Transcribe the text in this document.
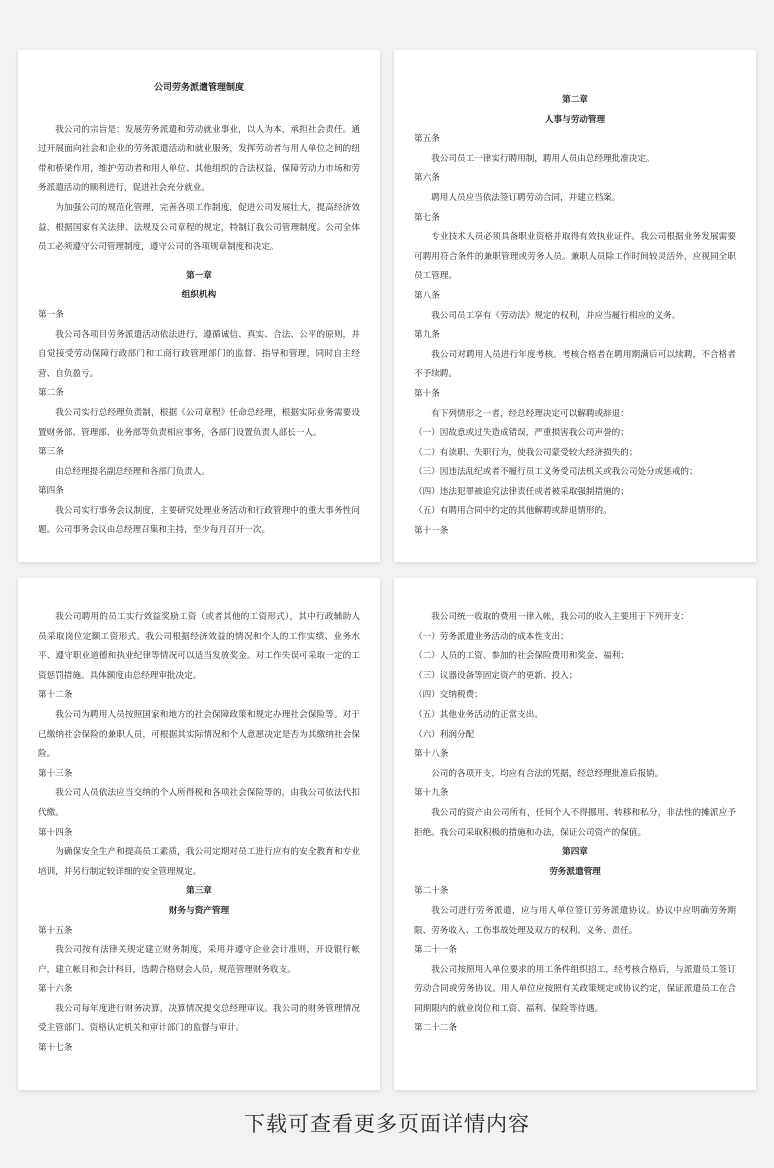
公司劳务派遣管理制度
我公司的宗旨是：发展劳务派遣和劳动就业事业，以人为本，承担社会责任。通过开展面向社会和企业的劳务派遣活动和就业服务，发挥劳动者与用人单位之间的纽带和桥梁作用，维护劳动者和用人单位、其他组织的合法权益，保障劳动力市场和劳务派遣活动的顺利进行，促进社会充分就业。
为加强公司的规范化管理，完善各项工作制度，促进公司发展壮大，提高经济效益，根据国家有关法律、法规及公司章程的规定，特制订我公司管理制度。公司全体员工必须遵守公司管理制度，遵守公司的各项规章制度和决定。
第一章
组织机构
第一条
我公司各项目劳务派遣活动依法进行，遵循诚信、真实、合法、公平的原则，并自觉接受劳动保障行政部门和工商行政管理部门的监督、指导和管理，同时自主经营、自负盈亏。
第二条
我公司实行总经理负责制，根据《公司章程》任命总经理，根据实际业务需要设置财务部、管理部、业务部等负责相应事务，各部门设置负责人部长一人。
第三条
由总经理提名副总经理和各部门负责人。
第四条
我公司实行事务会议制度，主要研究处理业务活动和行政管理中的重大事务性问题。公司事务会议由总经理召集和主持，至少每月召开一次。
第二章
人事与劳动管理
第五条
我公司员工一律实行聘用制，聘用人员由总经理批准决定。
第六条
聘用人员应当依法签订聘劳动合同，并建立档案。
第七条
专业技术人员必须具备职业资格并取得有效执业证件。我公司根据业务发展需要可聘用符合条件的兼职管理或劳务人员。兼职人员除工作时间较灵活外，应视同全职员工管理。
第八条
我公司员工享有《劳动法》规定的权利，并应当履行相应的义务。
第九条
我公司对聘用人员进行年度考核。考核合格者在聘用期满后可以续聘，不合格者不予续聘。
第十条
有下列情形之一者，经总经理决定可以解聘或辞退：
（一）因故意或过失造成错误，严重损害我公司声誉的；
（二）有读职、失职行为，使我公司蒙受较大经济损失的；
（三）因违法乱纪或者不履行员工义务受司法机关或我公司处分或惩戒的；
（四）违法犯罪被追究法律责任或者被采取强制措施的；
（五）有聘用合同中约定的其他解聘或辞退情形的。
第十一条
我公司聘用的员工实行效益奖励工资（或者其他的工资形式），其中行政辅助人员采取岗位定额工资形式。我公司根据经济效益的情况和个人的工作实绩、业务水平、遵守职业道德和执业纪律等情况可以适当发放奖金。对工作失误可采取一定的工资惩罚措施。具体额度由总经理审批决定。
第十二条
我公司为聘用人员按照国家和地方的社会保障政策和规定办理社会保险等。对于已缴纳社会保险的兼职人员，可根据其实际情况和个人意愿决定是否为其缴纳社会保险。
第十三条
我公司人员依法应当交纳的个人所得税和各项社会保险等的，由我公司依法代扣代缴。
第十四条
为确保安全生产和提高员工素质，我公司定期对员工进行应有的安全教育和专业培训，并另行制定较详细的安全管理规定。
第三章
财务与资产管理
第十五条
我公司按有法律关规定建立财务制度，采用并遵守企业会计准则，开设银行帐户，建立帐目和会计科目，选聘合格财会人员，规范管理财务收支。
第十六条
我公司每年度进行财务决算，决算情况提交总经理审议。我公司的财务管理情况受主管部门、资格认定机关和审计部门的监督与审计。
第十七条
我公司统一收取的费用一律入帐，我公司的收入主要用于下列开支：
（一）劳务派遣业务活动的成本性支出；
（二）人员的工资、参加的社会保险费用和奖金、福利；
（三）议器设备等固定资产的更新、投入；
（四）交纳税费；
（五）其他业务活动的正常支出。
（六）利润分配
第十八条
公司的各项开支，均应有合法的凭据，经总经理批准后报销。
第十九条
我公司的资产由公司所有，任何个人不得挪用、转移和私分，非法性的摊派应予拒绝。我公司采取积极的措施和办法，保证公司资产的保值。
第四章
劳务派遣管理
第二十条
我公司进行劳务派遣，应与用人单位签订劳务派遣协议。协议中应明确劳务期限、劳务收入、工伤事故处理及双方的权利、义务、责任。
第二十一条
我公司按照用人单位要求的用工条件组织招工，经考核合格后，与派遣员工签订劳动合同或劳务协议。用人单位应按照有关政策规定或协议约定，保证派遣员工在合同期限内的就业岗位和工资、福利、保险等待遇。
第二十二条
下载可查看更多页面详情内容
